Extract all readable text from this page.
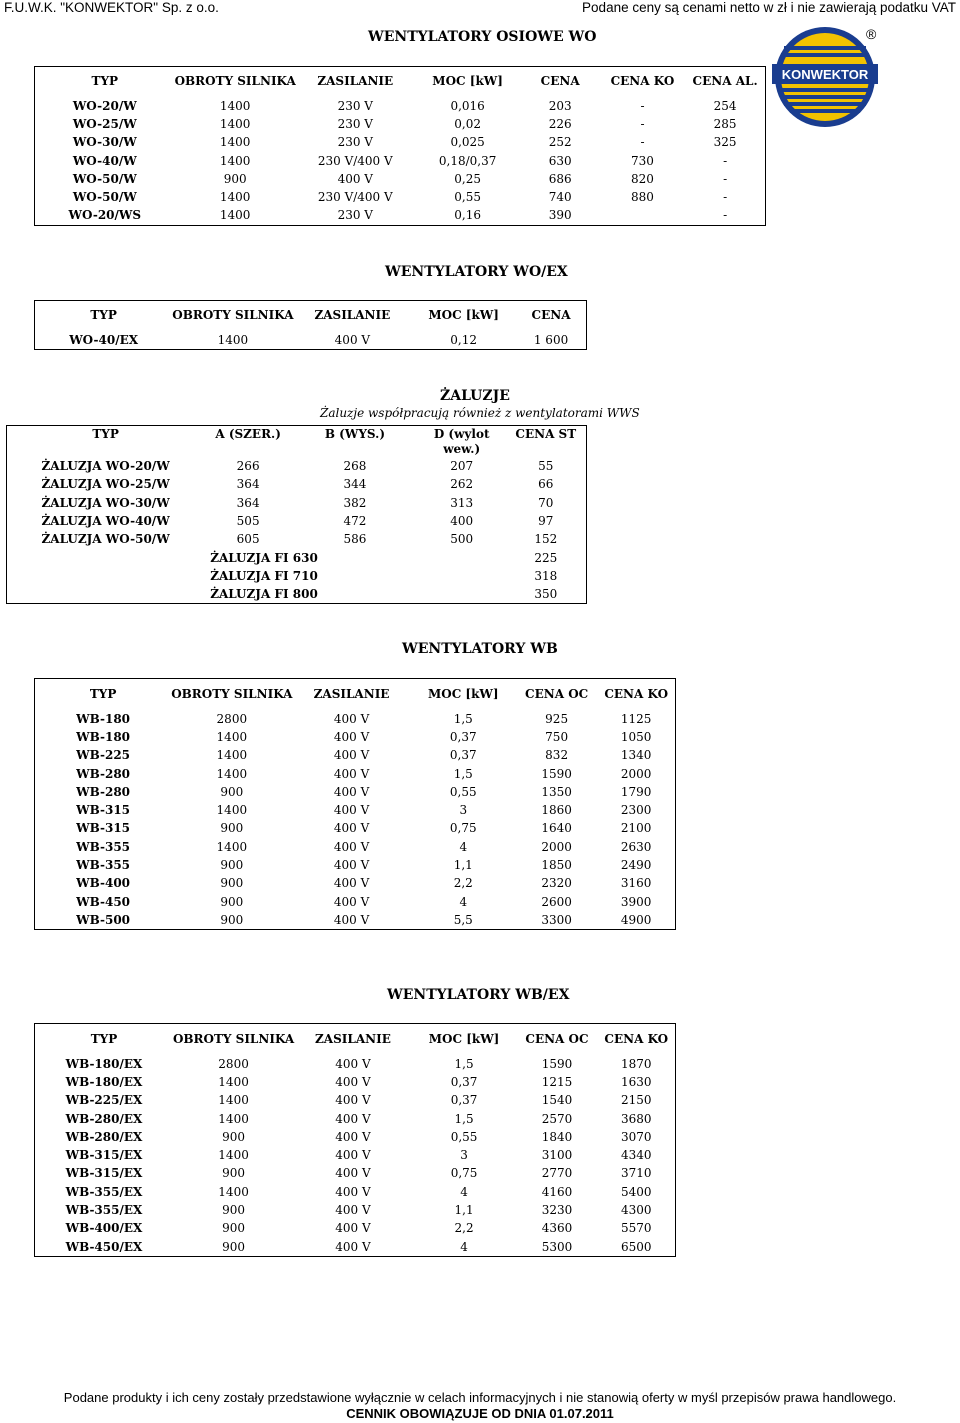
F.U.W.K. "KONWEKTOR" Sp. z o.o.	Podane ceny są cenami netto w zł i nie zawierają podatku VAT
KONWEKTOR
®
WENTYLATORY OSIOWE WO
TYP	OBROTY SILNIKA	ZASILANIE	MOC [kW]	CENA	CENA KO	CENA AL.
WO-20/W	1400	230 V	0,016	203	-	254
WO-25/W	1400	230 V	0,02	226	-	285
WO-30/W	1400	230 V	0,025	252	-	325
WO-40/W	1400	230 V/400 V	0,18/0,37	630	730	-
WO-50/W	900	400 V	0,25	686	820	-
WO-50/W	1400	230 V/400 V	0,55	740	880	-
WO-20/WS	1400	230 V	0,16	390		-
WENTYLATORY WO/EX
TYP	OBROTY SILNIKA	ZASILANIE	MOC [kW]	CENA
WO-40/EX	1400	400 V	0,12	1 600
ŻALUZJE
Żaluzje współpracują również z wentylatorami WWS
TYP	A (SZER.)	B (WYS.)	D (wylot wew.)	CENA ST
ŻALUZJA WO-20/W	266	268	207	55
ŻALUZJA WO-25/W	364	344	262	66
ŻALUZJA WO-30/W	364	382	313	70
ŻALUZJA WO-40/W	505	472	400	97
ŻALUZJA WO-50/W	605	586	500	152
	ŻALUZJA FI 630			225
	ŻALUZJA FI 710			318
	ŻALUZJA FI 800			350
WENTYLATORY WB
TYP	OBROTY SILNIKA	ZASILANIE	MOC [kW]	CENA OC	CENA KO
WB-180	2800	400 V	1,5	925	1125
WB-180	1400	400 V	0,37	750	1050
WB-225	1400	400 V	0,37	832	1340
WB-280	1400	400 V	1,5	1590	2000
WB-280	900	400 V	0,55	1350	1790
WB-315	1400	400 V	3	1860	2300
WB-315	900	400 V	0,75	1640	2100
WB-355	1400	400 V	4	2000	2630
WB-355	900	400 V	1,1	1850	2490
WB-400	900	400 V	2,2	2320	3160
WB-450	900	400 V	4	2600	3900
WB-500	900	400 V	5,5	3300	4900
WENTYLATORY WB/EX
TYP	OBROTY SILNIKA	ZASILANIE	MOC [kW]	CENA OC	CENA KO
WB-180/EX	2800	400 V	1,5	1590	1870
WB-180/EX	1400	400 V	0,37	1215	1630
WB-225/EX	1400	400 V	0,37	1540	2150
WB-280/EX	1400	400 V	1,5	2570	3680
WB-280/EX	900	400 V	0,55	1840	3070
WB-315/EX	1400	400 V	3	3100	4340
WB-315/EX	900	400 V	0,75	2770	3710
WB-355/EX	1400	400 V	4	4160	5400
WB-355/EX	900	400 V	1,1	3230	4300
WB-400/EX	900	400 V	2,2	4360	5570
WB-450/EX	900	400 V	4	5300	6500
Podane produkty i ich ceny zostały przedstawione wyłącznie w celach informacyjnych i nie stanowią oferty w myśl przepisów prawa handlowego.
CENNIK OBOWIĄZUJE OD DNIA 01.07.2011
